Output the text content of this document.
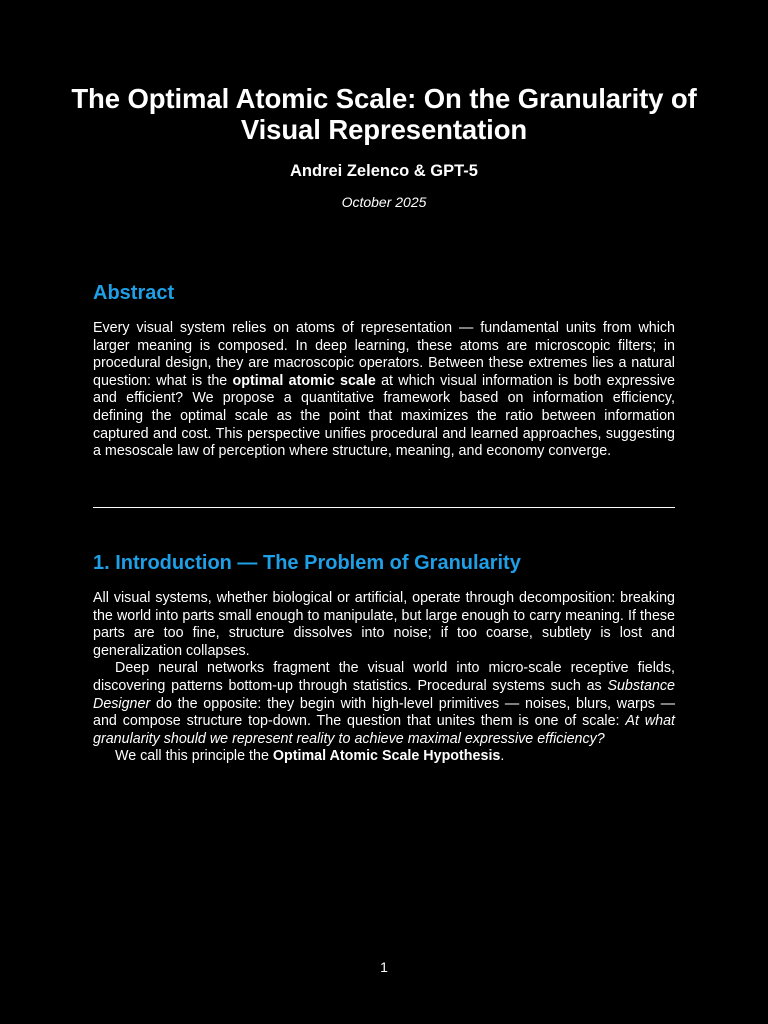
The Optimal Atomic Scale: On the Granularity of Visual Representation
Andrei Zelenco & GPT-5
October 2025
Abstract

Every visual system relies on atoms of representation — fundamental units from which larger meaning is composed. In deep learning, these atoms are microscopic filters; in procedural design, they are macroscopic operators. Between these extremes lies a natural question: what is the optimal atomic scale at which visual information is both expressive and efficient? We propose a quantitative framework based on information efficiency, defining the optimal scale as the point that maximizes the ratio between information captured and cost. This perspective unifies procedural and learned approaches, suggesting a mesoscale law of perception where structure, meaning, and economy converge.

1. Introduction — The Problem of Granularity

All visual systems, whether biological or artificial, operate through decomposition: breaking the world into parts small enough to manipulate, but large enough to carry meaning. If these parts are too fine, structure dissolves into noise; if too coarse, subtlety is lost and generalization collapses.

Deep neural networks fragment the visual world into micro-scale receptive fields, discovering patterns bottom-up through statistics. Procedural systems such as Substance Designer do the opposite: they begin with high-level primitives — noises, blurs, warps — and compose structure top-down. The question that unites them is one of scale: At what granularity should we represent reality to achieve maximal expressive efficiency?

We call this principle the Optimal Atomic Scale Hypothesis.

1
